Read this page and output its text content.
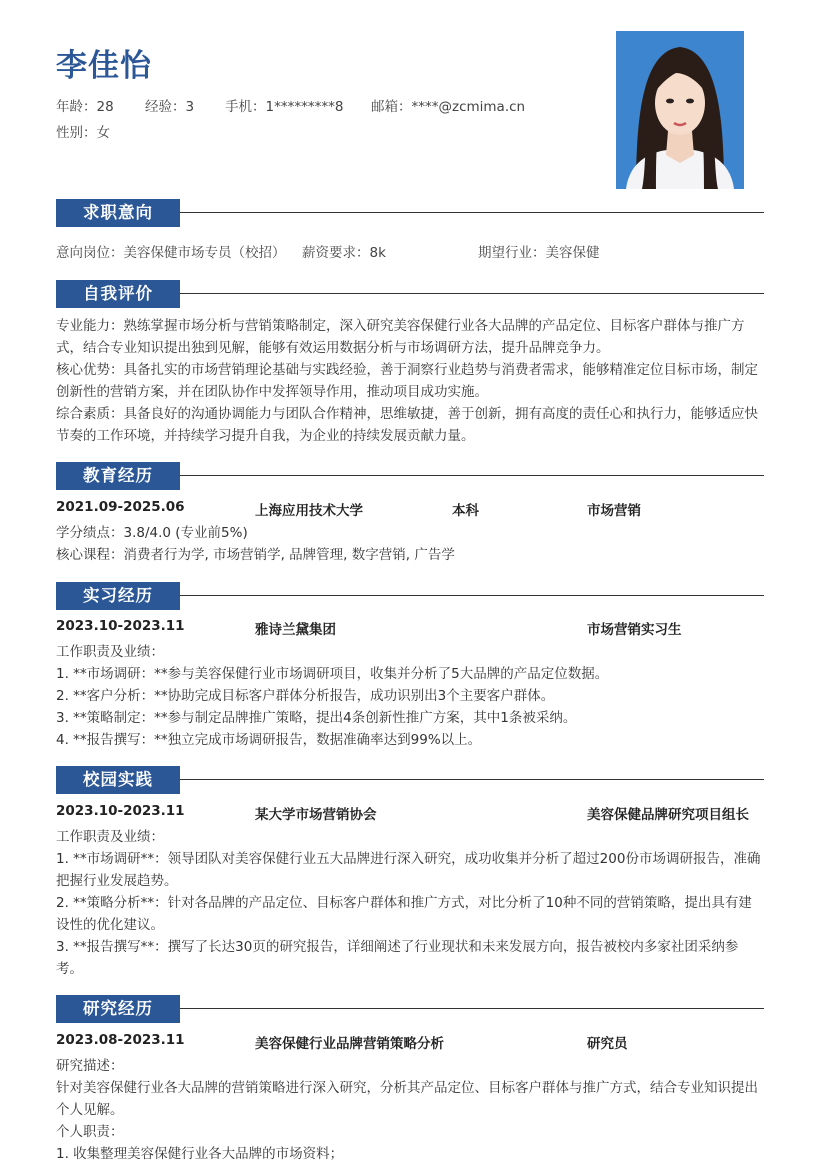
李佳怡
年龄：28 经验：3 手机：1*********8 邮箱：****@zcmima.cn
性别：女
求职意向
意向岗位：美容保健市场专员（校招） 薪资要求：8k	期望行业：美容保健
自我评价

专业能力：熟练掌握市场分析与营销策略制定，深入研究美容保健行业各大品牌的产品定位、目标客户群体与推广方式，结合专业知识提出独到见解，能够有效运用数据分析与市场调研方法，提升品牌竞争力。

核心优势：具备扎实的市场营销理论基础与实践经验，善于洞察行业趋势与消费者需求，能够精准定位目标市场，制定创新性的营销方案，并在团队协作中发挥领导作用，推动项目成功实施。

综合素质：具备良好的沟通协调能力与团队合作精神，思维敏捷，善于创新，拥有高度的责任心和执行力，能够适应快节奏的工作环境，并持续学习提升自我，为企业的持续发展贡献力量。

教育经历
2021.09-2025.06	上海应用技术大学	本科	市场营销

学分绩点：3.8/4.0 (专业前5%)

核心课程：消费者行为学, 市场营销学, 品牌管理, 数字营销, 广告学

实习经历
2023.10-2023.11	雅诗兰黛集团	市场营销实习生

工作职责及业绩：

1. **市场调研：**参与美容保健行业市场调研项目，收集并分析了5大品牌的产品定位数据。

2. **客户分析：**协助完成目标客户群体分析报告，成功识别出3个主要客户群体。

3. **策略制定：**参与制定品牌推广策略，提出4条创新性推广方案，其中1条被采纳。

4. **报告撰写：**独立完成市场调研报告，数据准确率达到99%以上。

校园实践
2023.10-2023.11	某大学市场营销协会	美容保健品牌研究项目组长

工作职责及业绩：

1. **市场调研**：领导团队对美容保健行业五大品牌进行深入研究，成功收集并分析了超过200份市场调研报告，准确把握行业发展趋势。

2. **策略分析**：针对各品牌的产品定位、目标客户群体和推广方式，对比分析了10种不同的营销策略，提出具有建设性的优化建议。

3. **报告撰写**：撰写了长达30页的研究报告，详细阐述了行业现状和未来发展方向，报告被校内多家社团采纳参考。

研究经历
2023.08-2023.11	美容保健行业品牌营销策略分析	研究员

研究描述：

针对美容保健行业各大品牌的营销策略进行深入研究，分析其产品定位、目标客户群体与推广方式，结合专业知识提出个人见解。

个人职责：

1. 收集整理美容保健行业各大品牌的市场资料；
